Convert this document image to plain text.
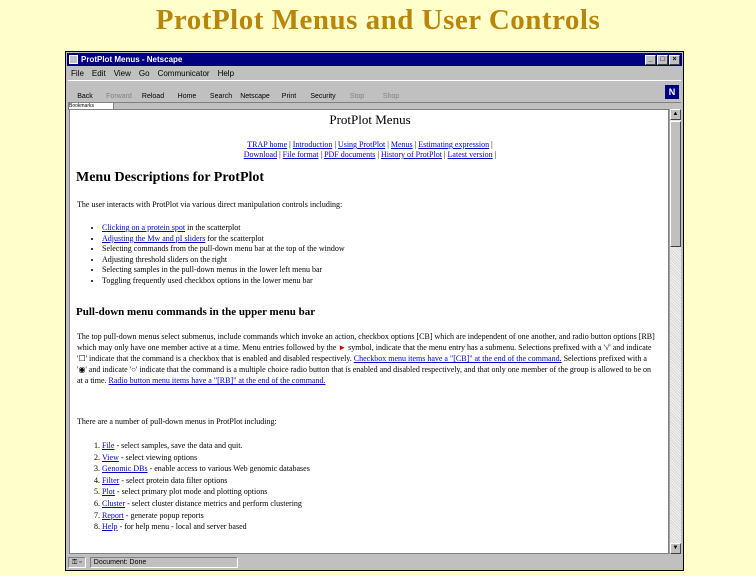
ProtPlot Menus and User Controls
ProtPlot Menus - Netscape	_	□	×
File Edit View Go Communicator Help
Back	Forward	Reload	Home	Search	Netscape	Print	Security	Stop	Shop	N
Bookmarks
ProtPlot Menus
TRAP home | Introduction | Using ProtPlot | Menus | Estimating expression |
Download | File format | PDF documents | History of ProtPlot | Latest version |
Menu Descriptions for ProtPlot
The user interacts with ProtPlot via various direct manipulation controls including:
• Clicking on a protein spot in the scatterplot
• Adjusting the Mw and pI sliders for the scatterplot
• Selecting commands from the pull-down menu bar at the top of the window
• Adjusting threshold sliders on the right
• Selecting samples in the pull-down menus in the lower left menu bar
• Toggling frequently used checkbox options in the lower menu bar
Pull-down menu commands in the upper menu bar
The top pull-down menus select submenus, include commands which invoke an action, checkbox options [CB] which are independent of one another, and radio button options [RB] which may only have one member active at a time. Menu entries followed by the ► symbol, indicate that the menu entry has a submenu. Selections prefixed with a '√' and indicate '☐' indicate that the command is a checkbox that is enabled and disabled respectively. Checkbox menu items have a "[CB]" at the end of the command. Selections prefixed with a '◉' and indicate '○' indicate that the command is a multiple choice radio button that is enabled and disabled respectively, and that only one member of the group is allowed to be on at a time. Radio button menu items have a "[RB]" at the end of the command.
There are a number of pull-down menus in ProtPlot including:
1. File - select samples, save the data and quit.
2. View - select viewing options
3. Genomic DBs - enable access to various Web genomic databases
4. Filter - select protein data filter options
5. Plot - select primary plot mode and plotting options
6. Cluster - select cluster distance metrics and perform clustering
7. Report - generate popup reports
8. Help - for help menu - local and server based
▲
▼
⚿ ▫	Document: Done
